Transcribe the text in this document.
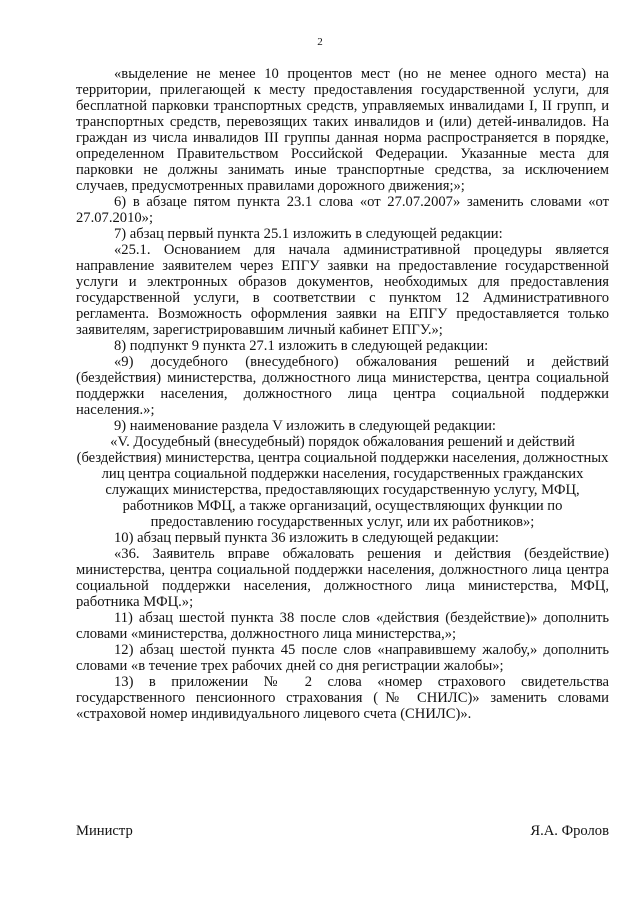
2

«выделение не менее 10 процентов мест (но не менее одного места) на территории, прилегающей к месту предоставления государственной услуги, для бесплатной парковки транспортных средств, управляемых инвалидами I, II групп, и транспортных средств, перевозящих таких инвалидов и (или) детей-инвалидов. На граждан из числа инвалидов III группы данная норма распространяется в порядке, определенном Правительством Российской Федерации. Указанные места для парковки не должны занимать иные транспортные средства, за исключением случаев, предусмотренных правилами дорожного движения;»;

6) в абзаце пятом пункта 23.1 слова «от 27.07.2007» заменить словами «от 27.07.2010»;

7) абзац первый пункта 25.1 изложить в следующей редакции:

«25.1. Основанием для начала административной процедуры является направление заявителем через ЕПГУ заявки на предоставление государственной услуги и электронных образов документов, необходимых для предоставления государственной услуги, в соответствии с пунктом 12 Административного регламента. Возможность оформления заявки на ЕПГУ предоставляется только заявителям, зарегистрировавшим личный кабинет ЕПГУ.»;

8) подпункт 9 пункта 27.1 изложить в следующей редакции:

«9) досудебного (внесудебного) обжалования решений и действий (бездействия) министерства, должностного лица министерства, центра социальной поддержки населения, должностного лица центра социальной поддержки населения.»;

9) наименование раздела V изложить в следующей редакции:

«V. Досудебный (внесудебный) порядок обжалования решений и действий (бездействия) министерства, центра социальной поддержки населения, должностных лиц центра социальной поддержки населения, государственных гражданских служащих министерства, предоставляющих государственную услугу, МФЦ, работников МФЦ, а также организаций, осуществляющих функции по предоставлению государственных услуг, или их работников»;

10) абзац первый пункта 36 изложить в следующей редакции:

«36. Заявитель вправе обжаловать решения и действия (бездействие) министерства, центра социальной поддержки населения, должностного лица центра социальной поддержки населения, должностного лица министерства, МФЦ, работника МФЦ.»;

11) абзац шестой пункта 38 после слов «действия (бездействие)» дополнить словами «министерства, должностного лица министерства,»;

12) абзац шестой пункта 45 после слов «направившему жалобу,» дополнить словами «в течение трех рабочих дней со дня регистрации жалобы»;

13) в приложении № 2 слова «номер страхового свидетельства государственного пенсионного страхования (№ СНИЛС)» заменить словами «страховой номер индивидуального лицевого счета (СНИЛС)».

Министр	Я.А. Фролов
